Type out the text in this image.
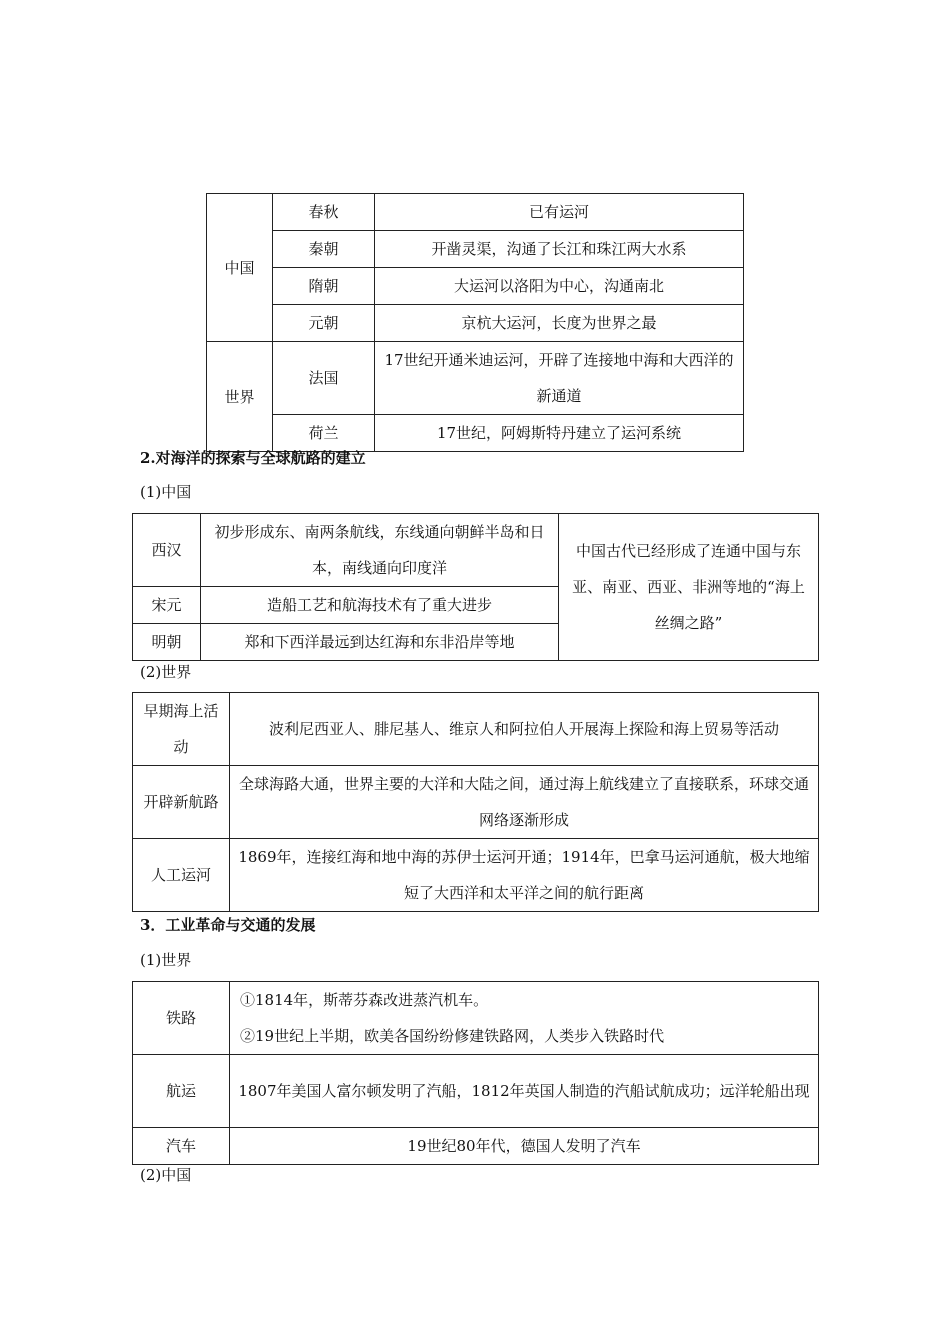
中国	春秋	已有运河
	秦朝	开凿灵渠，沟通了长江和珠江两大水系
	隋朝	大运河以洛阳为中心，沟通南北
	元朝	京杭大运河，长度为世界之最
世界	法国	17世纪开通米迪运河，开辟了连接地中海和大西洋的新通道
	荷兰	17世纪，阿姆斯特丹建立了运河系统
2.对海洋的探索与全球航路的建立
(1)中国
西汉	初步形成东、南两条航线，东线通向朝鲜半岛和日本，南线通向印度洋	中国古代已经形成了连通中国与东亚、南亚、西亚、非洲等地的“海上丝绸之路”
宋元	造船工艺和航海技术有了重大进步	
明朝	郑和下西洋最远到达红海和东非沿岸等地	
(2)世界
早期海上活动	波利尼西亚人、腓尼基人、维京人和阿拉伯人开展海上探险和海上贸易等活动
开辟新航路	全球海路大通，世界主要的大洋和大陆之间，通过海上航线建立了直接联系，环球交通网络逐渐形成
人工运河	1869年，连接红海和地中海的苏伊士运河开通；1914年，巴拿马运河通航，极大地缩短了大西洋和太平洋之间的航行距离
3．工业革命与交通的发展
(1)世界
铁路	①1814年，斯蒂芬森改进蒸汽机车。
②19世纪上半期，欧美各国纷纷修建铁路网，人类步入铁路时代

航运	1807年美国人富尔顿发明了汽船，1812年英国人制造的汽船试航成功；远洋轮船出现
汽车	19世纪80年代，德国人发明了汽车
(2)中国
